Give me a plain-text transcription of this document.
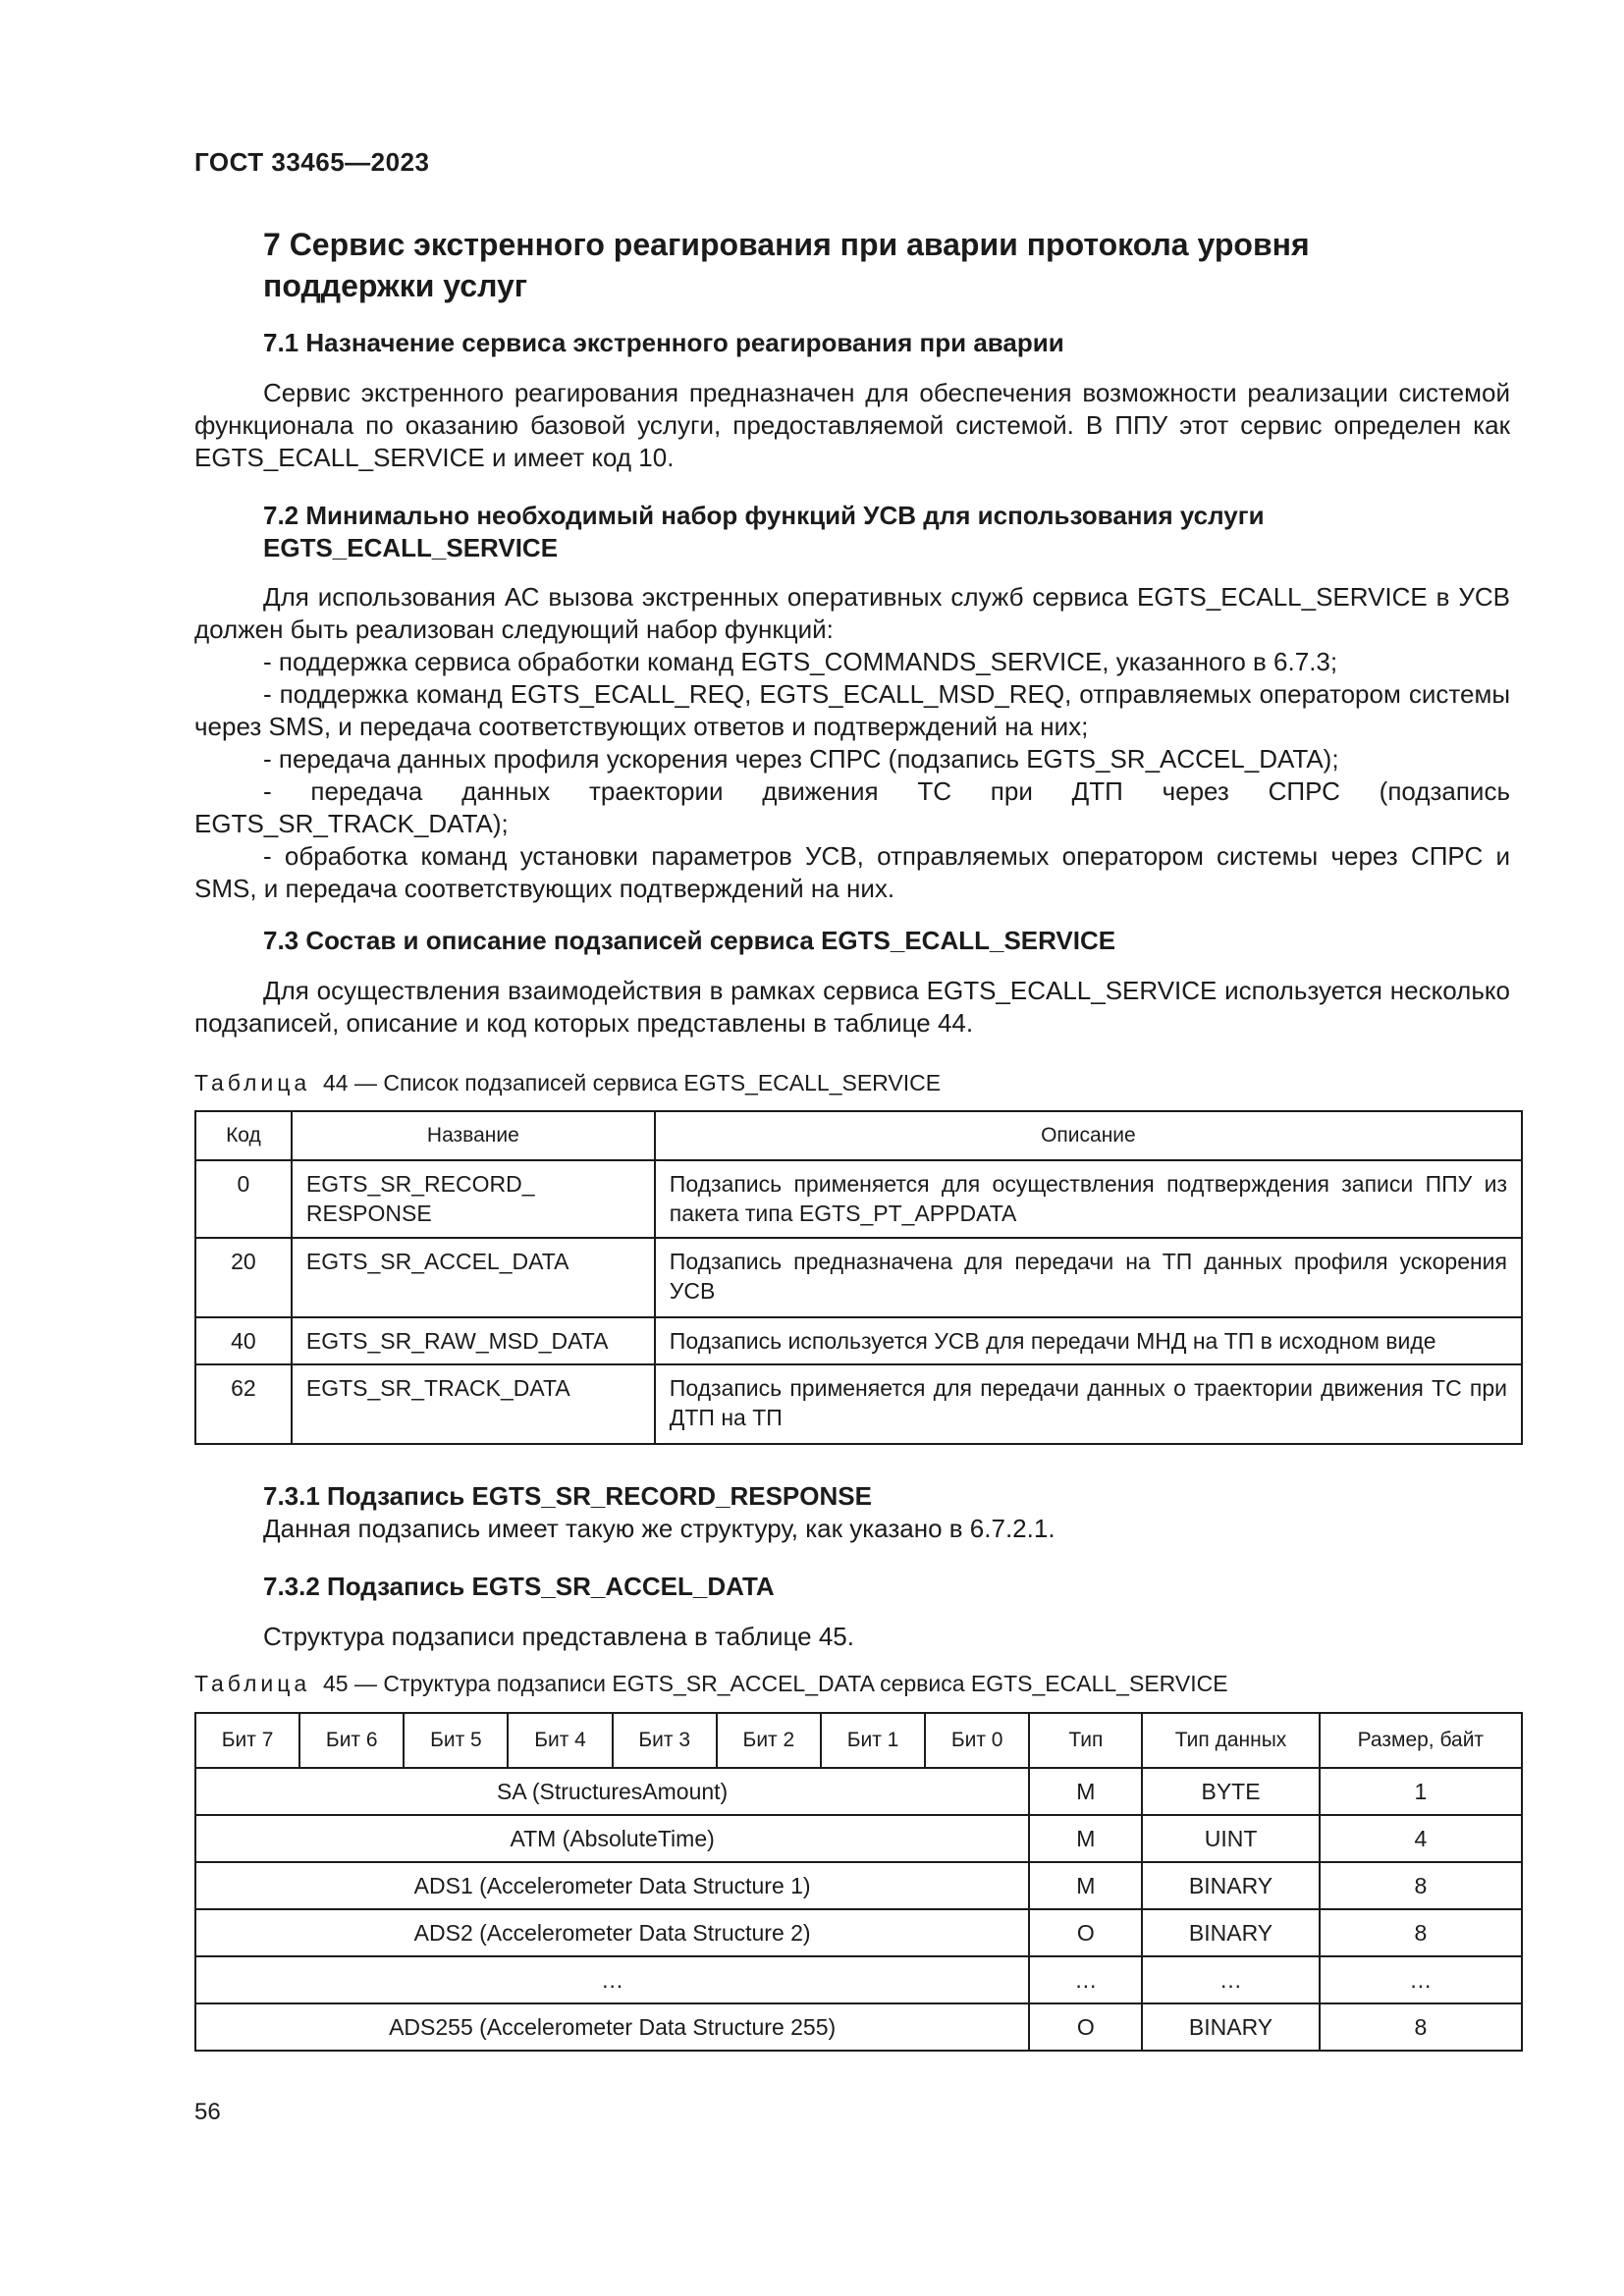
ГОСТ 33465—2023
7 Сервис экстренного реагирования при аварии протокола уровня
поддержки услуг
7.1 Назначение сервиса экстренного реагирования при аварии
Сервис экстренного реагирования предназначен для обеспечения возможности реализации системой функционала по оказанию базовой услуги, предоставляемой системой. В ППУ этот сервис определен как EGTS_ECALL_SERVICE и имеет код 10.
7.2 Минимально необходимый набор функций УСВ для использования услуги
EGTS_ECALL_SERVICE
Для использования АС вызова экстренных оперативных служб сервиса EGTS_ECALL_SERVICE в УСВ должен быть реализован следующий набор функций:
- поддержка сервиса обработки команд EGTS_COMMANDS_SERVICE, указанного в 6.7.3;
- поддержка команд EGTS_ECALL_REQ, EGTS_ECALL_MSD_REQ, отправляемых оператором системы через SMS, и передача соответствующих ответов и подтверждений на них;
- передача данных профиля ускорения через СПРС (подзапись EGTS_SR_ACCEL_DATA);
- передача данных траектории движения ТС при ДТП через СПРС (подзапись EGTS_SR_TRACK_DATA);
- обработка команд установки параметров УСВ, отправляемых оператором системы через СПРС и SMS, и передача соответствующих подтверждений на них.
7.3 Состав и описание подзаписей сервиса EGTS_ECALL_SERVICE
Для осуществления взаимодействия в рамках сервиса EGTS_ECALL_SERVICE используется несколько подзаписей, описание и код которых представлены в таблице 44.
Таблица 44 — Список подзаписей сервиса EGTS_ECALL_SERVICE
Код	Название	Описание
0	EGTS_SR_RECORD_ RESPONSE	Подзапись применяется для осуществления подтверждения записи ППУ из пакета типа EGTS_PT_APPDATA
20	EGTS_SR_ACCEL_DATA	Подзапись предназначена для передачи на ТП данных профиля ускорения УСВ
40	EGTS_SR_RAW_MSD_DATA	Подзапись используется УСВ для передачи МНД на ТП в исходном виде
62	EGTS_SR_TRACK_DATA	Подзапись применяется для передачи данных о траектории движения ТС при ДТП на ТП
7.3.1 Подзапись EGTS_SR_RECORD_RESPONSE
Данная подзапись имеет такую же структуру, как указано в 6.7.2.1.
7.3.2 Подзапись EGTS_SR_ACCEL_DATA
Структура подзаписи представлена в таблице 45.
Таблица 45 — Структура подзаписи EGTS_SR_ACCEL_DATA сервиса EGTS_ECALL_SERVICE
Бит 7	Бит 6	Бит 5	Бит 4	Бит 3	Бит 2	Бит 1	Бит 0	Тип	Тип данных	Размер, байт
SA (StructuresAmount)								M	BYTE	1
ATM (AbsoluteTime)								M	UINT	4
ADS1 (Accelerometer Data Structure 1)								M	BINARY	8
ADS2 (Accelerometer Data Structure 2)								O	BINARY	8
…								…	…	…
ADS255 (Accelerometer Data Structure 255)								O	BINARY	8
56
